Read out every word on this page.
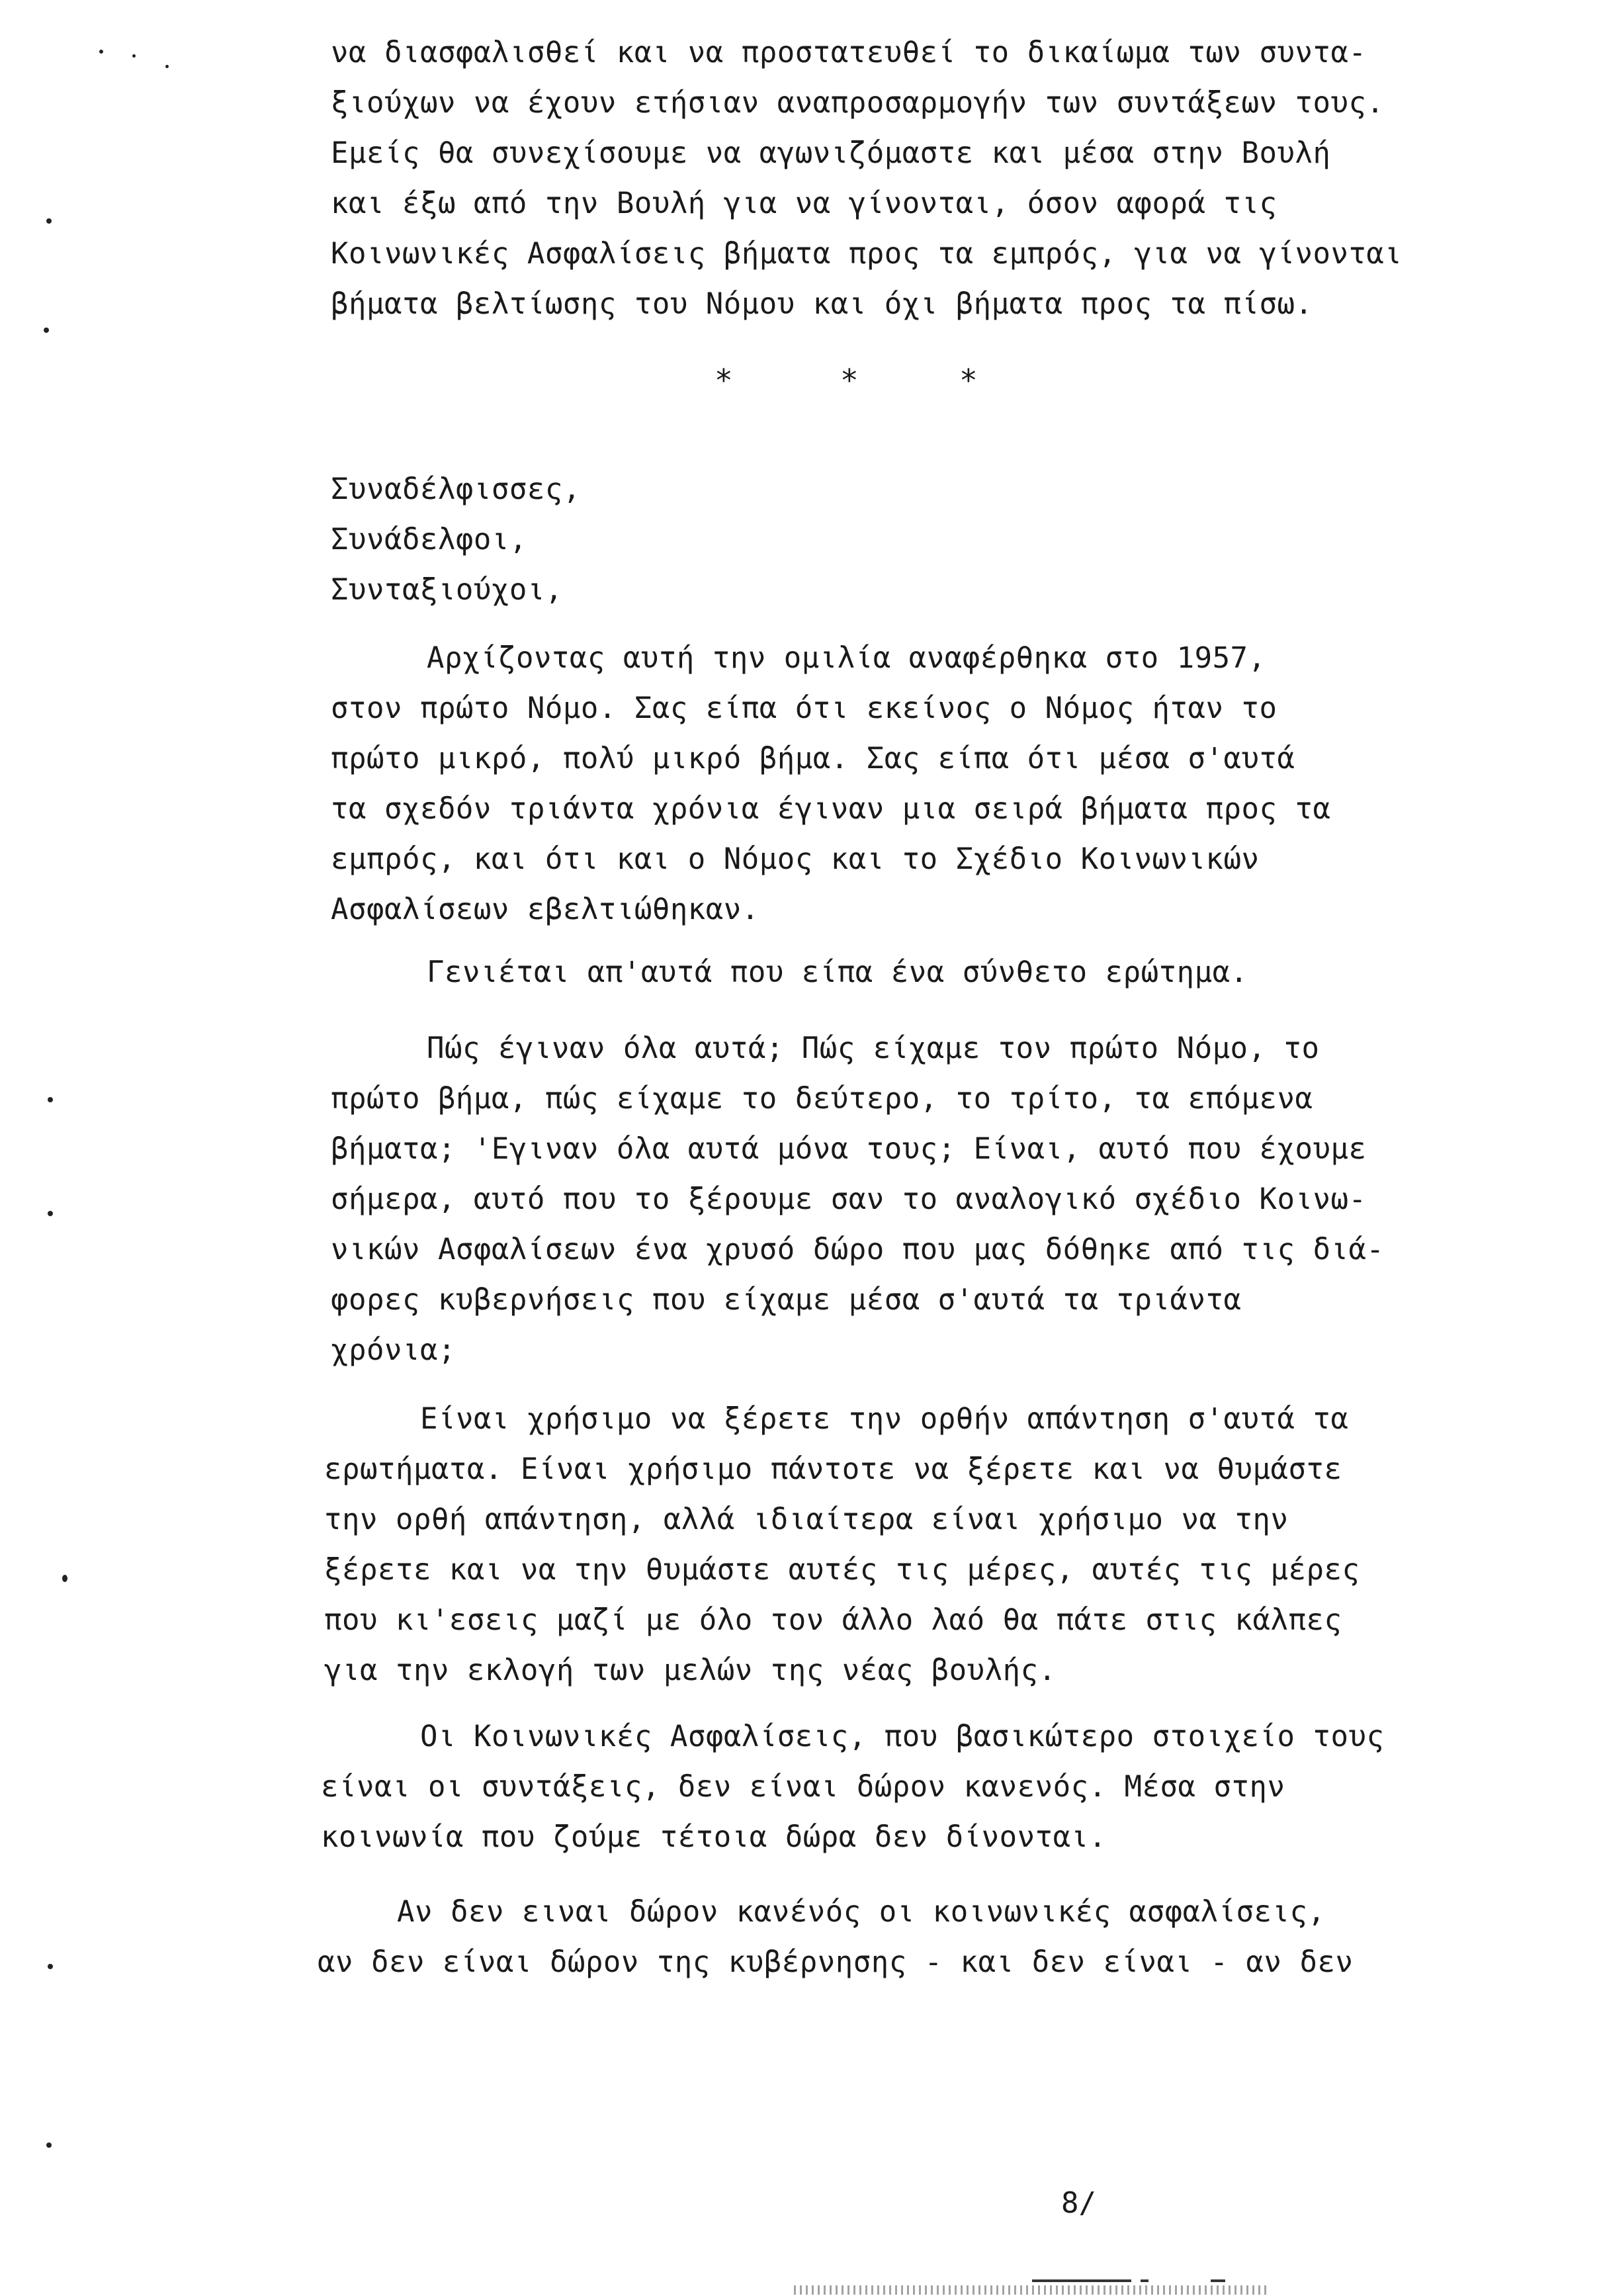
να διασφαλισθεί και να προστατευθεί το δικαίωμα των συντα-
ξιούχων να έχουν ετήσιαν αναπροσαρμογήν των συντάξεων τους.
Εμείς θα συνεχίσουμε να αγωνιζόμαστε και μέσα στην Βουλή
και έξω από την Βουλή για να γίνονται, όσον αφορά τις
Κοινωνικές Ασφαλίσεις βήματα προς τα εμπρός, για να γίνονται
βήματα βελτίωσης του Νόμου και όχι βήματα προς τα πίσω.
Συναδέλφισσες,
Συνάδελφοι,
Συνταξιούχοι,
Αρχίζοντας αυτή την ομιλία αναφέρθηκα στο 1957,
στον πρώτο Νόμο. Σας είπα ότι εκείνος ο Νόμος ήταν το
πρώτο μικρό, πολύ μικρό βήμα. Σας είπα ότι μέσα σ'αυτά
τα σχεδόν τριάντα χρόνια έγιναν μια σειρά βήματα προς τα
εμπρός, και ότι και ο Νόμος και το Σχέδιο Κοινωνικών
Ασφαλίσεων εβελτιώθηκαν.
Γενιέται απ'αυτά που είπα ένα σύνθετο ερώτημα.
Πώς έγιναν όλα αυτά; Πώς είχαμε τον πρώτο Νόμο, το
πρώτο βήμα, πώς είχαμε το δεύτερο, το τρίτο, τα επόμενα
βήματα; 'Εγιναν όλα αυτά μόνα τους; Είναι, αυτό που έχουμε
σήμερα, αυτό που το ξέρουμε σαν το αναλογικό σχέδιο Κοινω-
νικών Ασφαλίσεων ένα χρυσό δώρο που μας δόθηκε από τις διά-
φορες κυβερνήσεις που είχαμε μέσα σ'αυτά τα τριάντα
χρόνια;
Είναι χρήσιμο να ξέρετε την ορθήν απάντηση σ'αυτά τα
ερωτήματα. Είναι χρήσιμο πάντοτε να ξέρετε και να θυμάστε
την ορθή απάντηση, αλλά ιδιαίτερα είναι χρήσιμο να την
ξέρετε και να την θυμάστε αυτές τις μέρες, αυτές τις μέρες
που κι'εσεις μαζί με όλο τον άλλο λαό θα πάτε στις κάλπες
για την εκλογή των μελών της νέας βουλής.
Οι Κοινωνικές Ασφαλίσεις, που βασικώτερο στοιχείο τους
είναι οι συντάξεις, δεν είναι δώρον κανενός. Μέσα στην
κοινωνία που ζούμε τέτοια δώρα δεν δίνονται.
Αν δεν ειναι δώρον κανένός οι κοινωνικές ασφαλίσεις,
αν δεν είναι δώρον της κυβέρνησης - και δεν είναι - αν δεν
*	*	*
8/
